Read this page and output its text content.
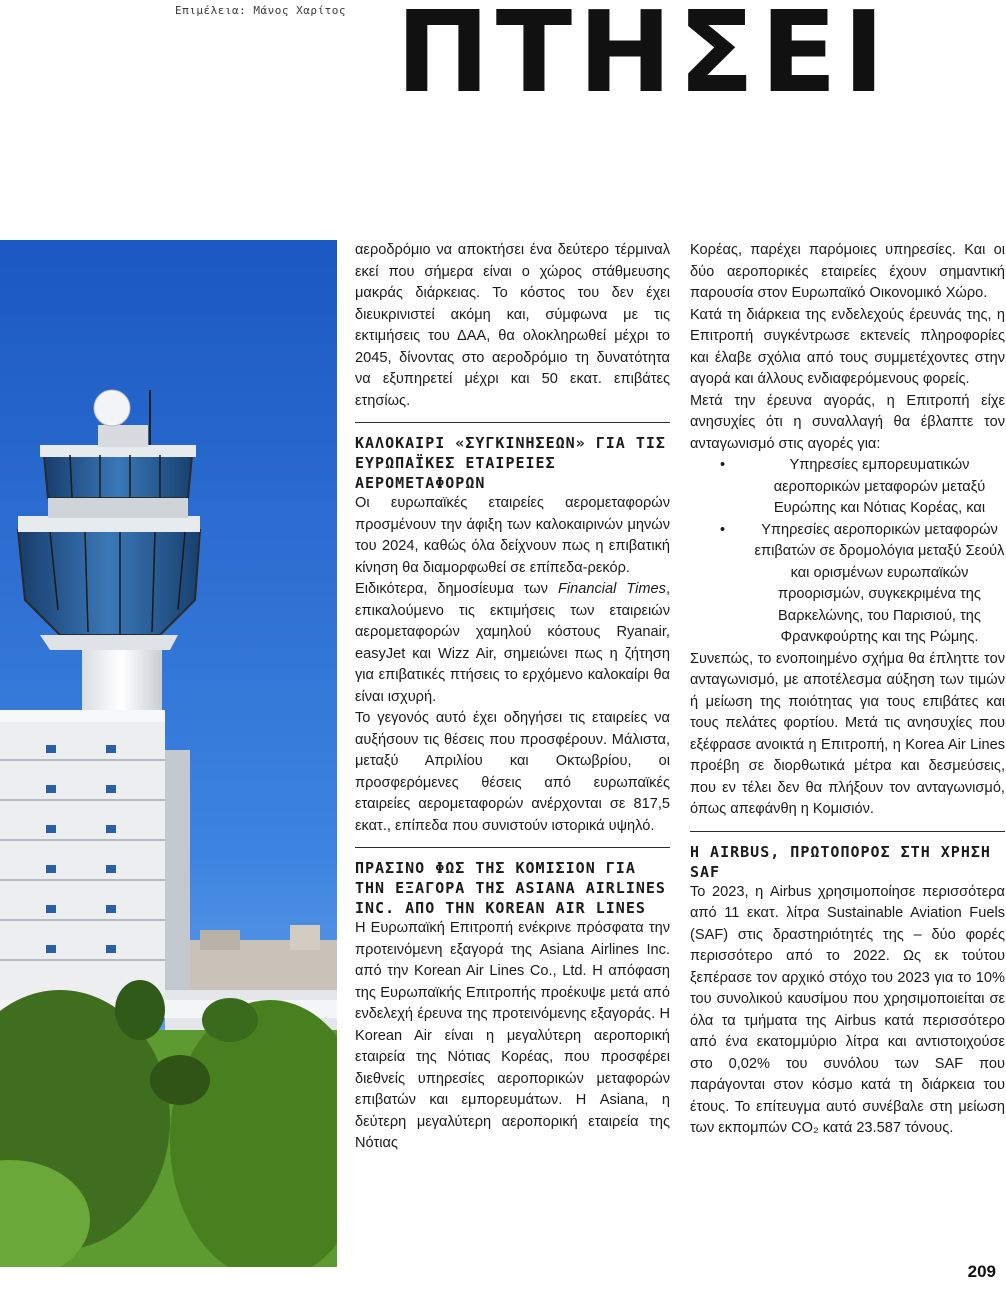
Επιμέλεια: Μάνος Χαρίτος ΠΤΗΣΕΙ

αεροδρόμιο να αποκτήσει ένα δεύτερο τέρμιναλ εκεί που σήμερα είναι ο χώρος στάθμευσης μακράς διάρκειας. Το κόστος του δεν έχει διευκρινιστεί ακόμη και, σύμφωνα με τις εκτιμήσεις του ΔΑΑ, θα ολοκληρωθεί μέχρι το 2045, δίνοντας στο αεροδρόμιο τη δυνατότητα να εξυπηρετεί μέχρι και 50 εκατ. επιβάτες ετησίως.

ΚΑΛΟΚΑΙΡΙ «ΣΥΓΚΙΝΗΣΕΩΝ» ΓΙΑ ΤΙΣ ΕΥΡΩΠΑΪΚΕΣ ΕΤΑΙΡΕΙΕΣ ΑΕΡΟΜΕΤΑΦΟΡΩΝ

Οι ευρωπαϊκές εταιρείες αερομεταφορών προσμένουν την άφιξη των καλοκαιρινών μηνών του 2024, καθώς όλα δείχνουν πως η επιβατική κίνηση θα διαμορφωθεί σε επίπεδα-ρεκόρ.

Ειδικότερα, δημοσίευμα των Financial Times, επικαλούμενο τις εκτιμήσεις των εταιρειών αερομεταφορών χαμηλού κόστους Ryanair, easyJet και Wizz Air, σημειώνει πως η ζήτηση για επιβατικές πτήσεις το ερχόμενο καλοκαίρι θα είναι ισχυρή.

Το γεγονός αυτό έχει οδηγήσει τις εταιρείες να αυξήσουν τις θέσεις που προσφέρουν. Μάλιστα, μεταξύ Απριλίου και Οκτωβρίου, οι προσφερόμενες θέσεις από ευρωπαϊκές εταιρείες αερομεταφορών ανέρχονται σε 817,5 εκατ., επίπεδα που συνιστούν ιστορικά υψηλό.

ΠΡΑΣΙΝΟ ΦΩΣ ΤΗΣ ΚΟΜΙΣΙΟΝ ΓΙΑ ΤΗΝ ΕΞΑΓΟΡΑ ΤΗΣ ASIANA AIRLINES INC. ΑΠΟ ΤΗΝ KOREAN AIR LINES

Η Ευρωπαϊκή Επιτροπή ενέκρινε πρόσφατα την προτεινόμενη εξαγορά της Asiana Airlines Inc. από την Korean Air Lines Co., Ltd. Η απόφαση της Ευρωπαϊκής Επιτροπής προέκυψε μετά από ενδελεχή έρευνα της προτεινόμενης εξαγοράς. Η Korean Air είναι η μεγαλύτερη αεροπορική εταιρεία της Νότιας Κορέας, που προσφέρει διεθνείς υπηρεσίες αεροπορικών μεταφορών επιβατών και εμπορευμάτων. Η Asiana, η δεύτερη μεγαλύτερη αεροπορική εταιρεία της Νότιας

Κορέας, παρέχει παρόμοιες υπηρεσίες. Και οι δύο αεροπορικές εταιρείες έχουν σημαντική παρουσία στον Ευρωπαϊκό Οικονομικό Χώρο.

Κατά τη διάρκεια της ενδελεχούς έρευνάς της, η Επιτροπή συγκέντρωσε εκτενείς πληροφορίες και έλαβε σχόλια από τους συμμετέχοντες στην αγορά και άλλους ενδιαφερόμενους φορείς.

Μετά την έρευνα αγοράς, η Επιτροπή είχε ανησυχίες ότι η συναλλαγή θα έβλαπτε τον ανταγωνισμό στις αγορές για:

•	Υπηρεσίες εμπορευματικών αεροπορικών μεταφορών μεταξύ Ευρώπης και Νότιας Κορέας, και
• Υπηρεσίες αεροπορικών μεταφορών επιβατών σε δρομολόγια μεταξύ Σεούλ και ορισμένων ευρωπαϊκών προορισμών, συγκεκριμένα της Βαρκελώνης, του Παρισιού, της Φρανκφούρτης και της Ρώμης.

Συνεπώς, το ενοποιημένο σχήμα θα έπληττε τον ανταγωνισμό, με αποτέλεσμα αύξηση των τιμών ή μείωση της ποιότητας για τους επιβάτες και τους πελάτες φορτίου. Μετά τις ανησυχίες που εξέφρασε ανοικτά η Επιτροπή, η Korea Air Lines προέβη σε διορθωτικά μέτρα και δεσμεύσεις, που εν τέλει δεν θα πλήξουν τον ανταγωνισμό, όπως απεφάνθη η Κομισιόν.

Η AIRBUS, ΠΡΩΤΟΠΟΡΟΣ ΣΤΗ ΧΡΗΣΗ SAF

Το 2023, η Airbus χρησιμοποίησε περισσότερα από 11 εκατ. λίτρα Sustainable Aviation Fuels (SAF) στις δραστηριότητές της – δύο φορές περισσότερο από το 2022. Ως εκ τούτου ξεπέρασε τον αρχικό στόχο του 2023 για το 10% του συνολικού καυσίμου που χρησιμοποιείται σε όλα τα τμήματα της Airbus κατά περισσότερο από ένα εκατομμύριο λίτρα και αντιστοιχούσε στο 0,02% του συνόλου των SAF που παράγονται στον κόσμο κατά τη διάρκεια του έτους. Το επίτευγμα αυτό συνέβαλε στη μείωση των εκπομπών CO₂ κατά 23.587 τόνους.

209
